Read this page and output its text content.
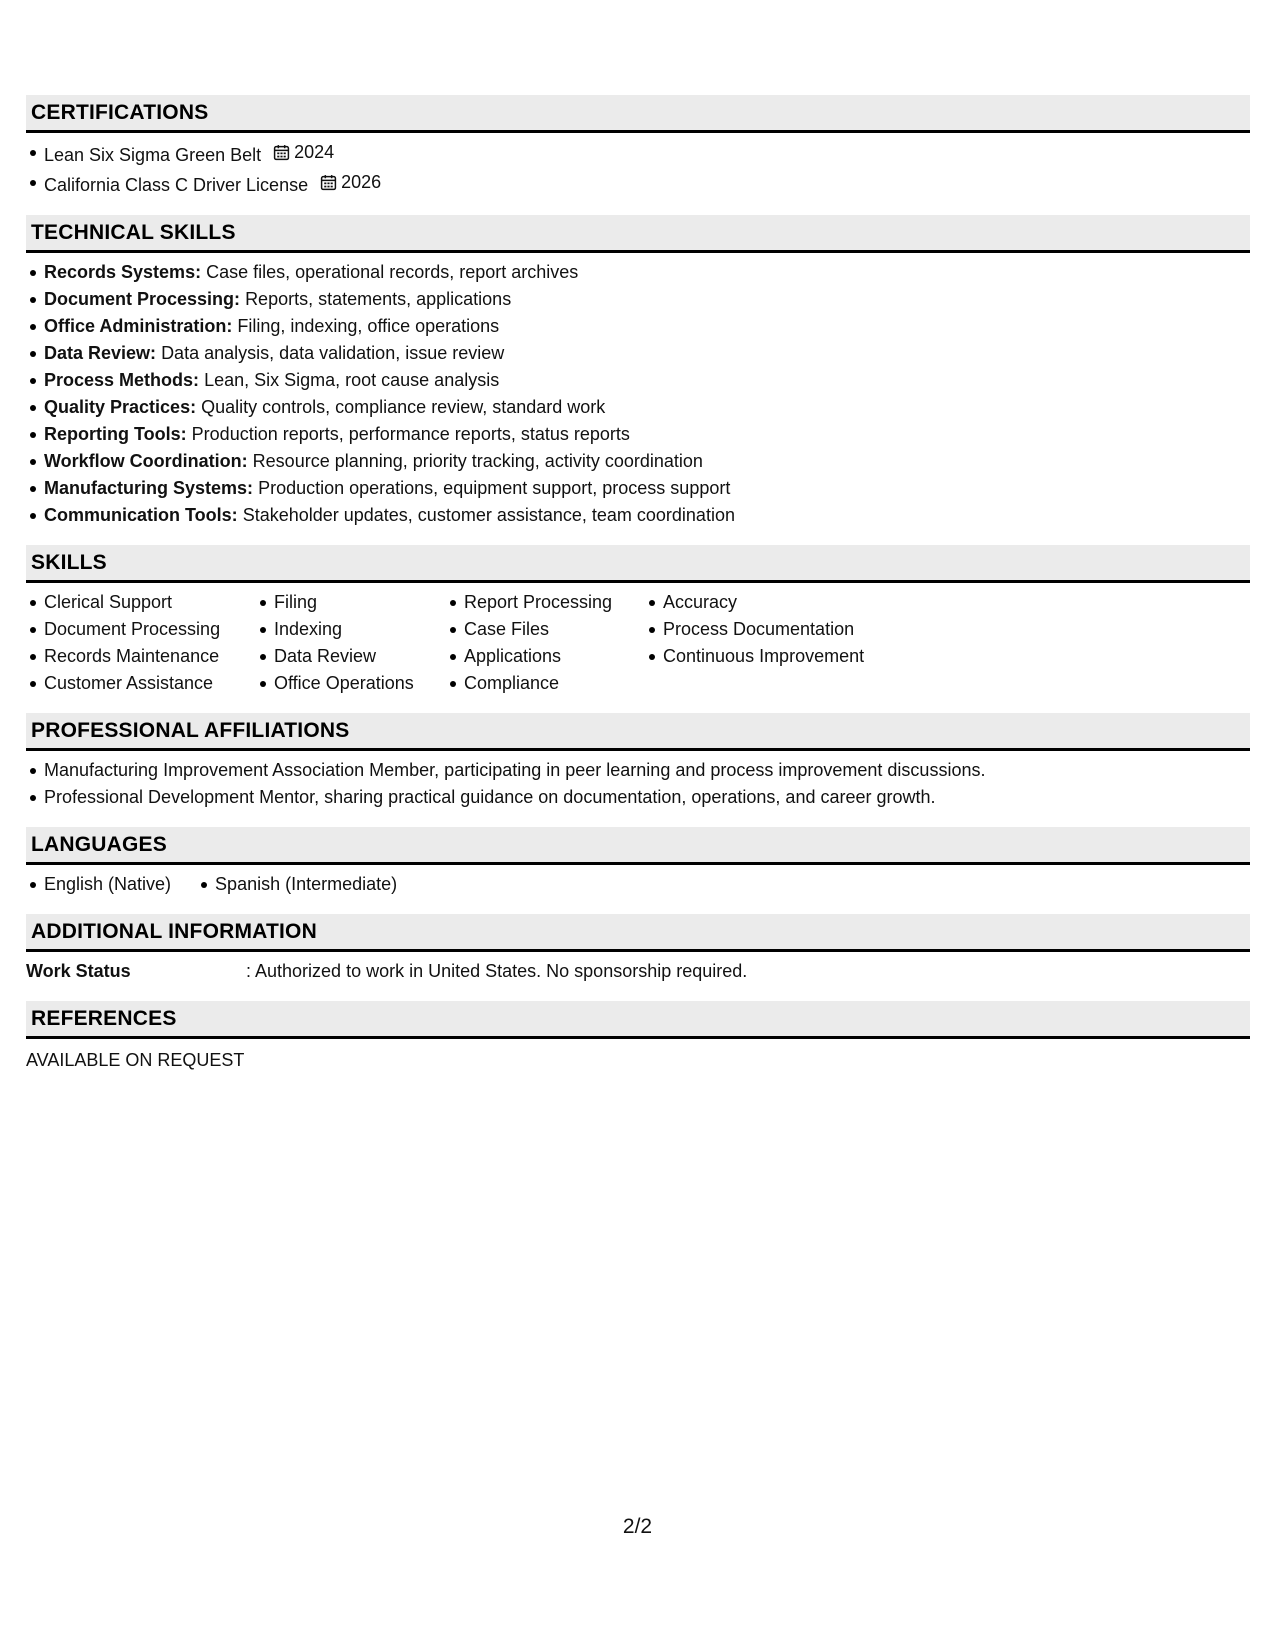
CERTIFICATIONS
Lean Six Sigma Green Belt 2024
California Class C Driver License 2026
TECHNICAL SKILLS
Records Systems: Case files, operational records, report archives
Document Processing: Reports, statements, applications
Office Administration: Filing, indexing, office operations
Data Review: Data analysis, data validation, issue review
Process Methods: Lean, Six Sigma, root cause analysis
Quality Practices: Quality controls, compliance review, standard work
Reporting Tools: Production reports, performance reports, status reports
Workflow Coordination: Resource planning, priority tracking, activity coordination
Manufacturing Systems: Production operations, equipment support, process support
Communication Tools: Stakeholder updates, customer assistance, team coordination
SKILLS
Clerical Support
Document Processing
Records Maintenance
Customer Assistance
Filing
Indexing
Data Review
Office Operations
Report Processing
Case Files
Applications
Compliance
Accuracy
Process Documentation
Continuous Improvement
PROFESSIONAL AFFILIATIONS
Manufacturing Improvement Association Member, participating in peer learning and process improvement discussions.
Professional Development Mentor, sharing practical guidance on documentation, operations, and career growth.
LANGUAGES
English (Native) Spanish (Intermediate)
ADDITIONAL INFORMATION
Work Status	: Authorized to work in United States. No sponsorship required.
REFERENCES
AVAILABLE ON REQUEST
2/2
